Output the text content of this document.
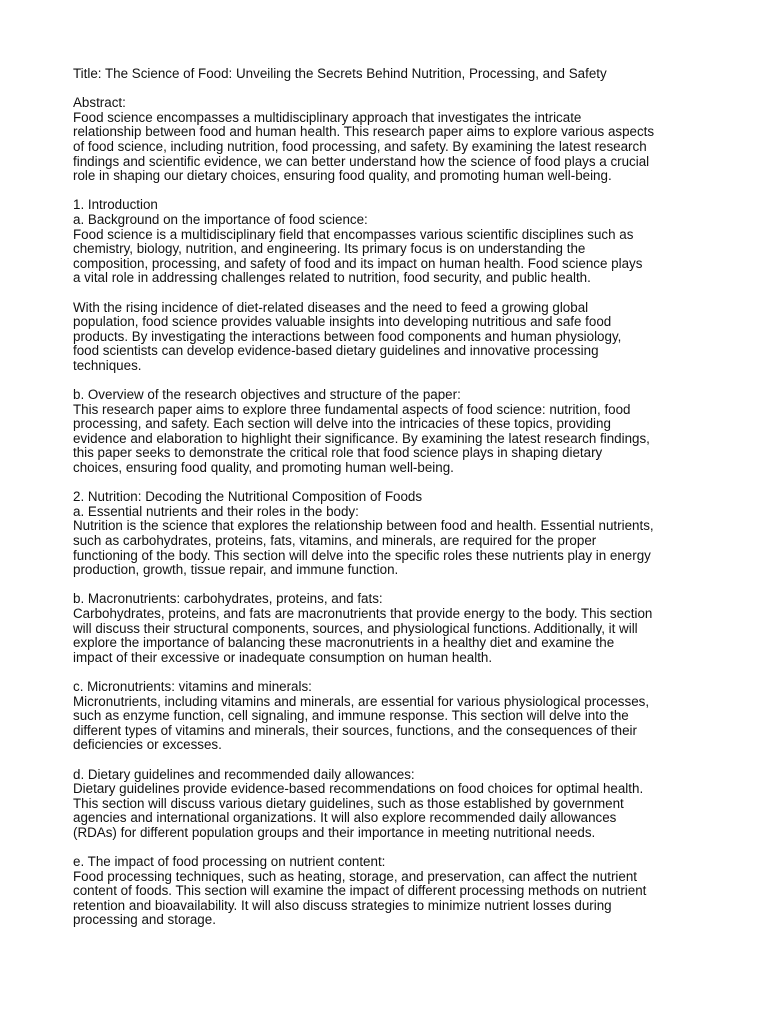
Title: The Science of Food: Unveiling the Secrets Behind Nutrition, Processing, and Safety
Abstract:
Food science encompasses a multidisciplinary approach that investigates the intricate
relationship between food and human health. This research paper aims to explore various aspects
of food science, including nutrition, food processing, and safety. By examining the latest research
findings and scientific evidence, we can better understand how the science of food plays a crucial
role in shaping our dietary choices, ensuring food quality, and promoting human well-being.
1. Introduction
a. Background on the importance of food science:
Food science is a multidisciplinary field that encompasses various scientific disciplines such as
chemistry, biology, nutrition, and engineering. Its primary focus is on understanding the
composition, processing, and safety of food and its impact on human health. Food science plays
a vital role in addressing challenges related to nutrition, food security, and public health.
With the rising incidence of diet-related diseases and the need to feed a growing global
population, food science provides valuable insights into developing nutritious and safe food
products. By investigating the interactions between food components and human physiology,
food scientists can develop evidence-based dietary guidelines and innovative processing
techniques.
b. Overview of the research objectives and structure of the paper:
This research paper aims to explore three fundamental aspects of food science: nutrition, food
processing, and safety. Each section will delve into the intricacies of these topics, providing
evidence and elaboration to highlight their significance. By examining the latest research findings,
this paper seeks to demonstrate the critical role that food science plays in shaping dietary
choices, ensuring food quality, and promoting human well-being.
2. Nutrition: Decoding the Nutritional Composition of Foods
a. Essential nutrients and their roles in the body:
Nutrition is the science that explores the relationship between food and health. Essential nutrients,
such as carbohydrates, proteins, fats, vitamins, and minerals, are required for the proper
functioning of the body. This section will delve into the specific roles these nutrients play in energy
production, growth, tissue repair, and immune function.
b. Macronutrients: carbohydrates, proteins, and fats:
Carbohydrates, proteins, and fats are macronutrients that provide energy to the body. This section
will discuss their structural components, sources, and physiological functions. Additionally, it will
explore the importance of balancing these macronutrients in a healthy diet and examine the
impact of their excessive or inadequate consumption on human health.
c. Micronutrients: vitamins and minerals:
Micronutrients, including vitamins and minerals, are essential for various physiological processes,
such as enzyme function, cell signaling, and immune response. This section will delve into the
different types of vitamins and minerals, their sources, functions, and the consequences of their
deficiencies or excesses.
d. Dietary guidelines and recommended daily allowances:
Dietary guidelines provide evidence-based recommendations on food choices for optimal health.
This section will discuss various dietary guidelines, such as those established by government
agencies and international organizations. It will also explore recommended daily allowances
(RDAs) for different population groups and their importance in meeting nutritional needs.
e. The impact of food processing on nutrient content:
Food processing techniques, such as heating, storage, and preservation, can affect the nutrient
content of foods. This section will examine the impact of different processing methods on nutrient
retention and bioavailability. It will also discuss strategies to minimize nutrient losses during
processing and storage.
